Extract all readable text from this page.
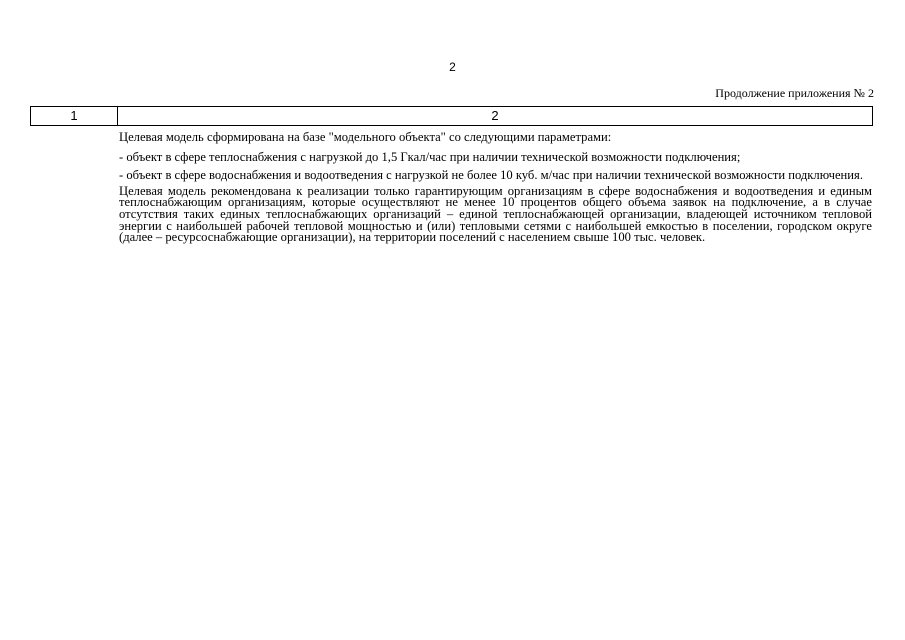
2
Продолжение приложения № 2
1	2

Целевая модель сформирована на базе "модельного объекта" со следующими параметрами:

- объект в сфере теплоснабжения с нагрузкой до 1,5 Гкал/час при наличии технической возможности подключения;

- объект в сфере водоснабжения и водоотведения с нагрузкой не более 10 куб. м/час при наличии технической возможности подключения.

Целевая модель рекомендована к реализации только гарантирующим организациям в сфере водоснабжения и водоотведения и единым теплоснабжающим организациям, которые осуществляют не менее 10 процентов общего объема заявок на подключение, а в случае отсутствия таких единых теплоснабжающих организаций – единой теплоснабжающей организации, владеющей источником тепловой энергии с наибольшей рабочей тепловой мощностью и (или) тепловыми сетями с наибольшей емкостью в поселении, городском округе (далее – ресурсоснабжающие организации), на территории поселений с населением свыше 100 тыс. человек.
